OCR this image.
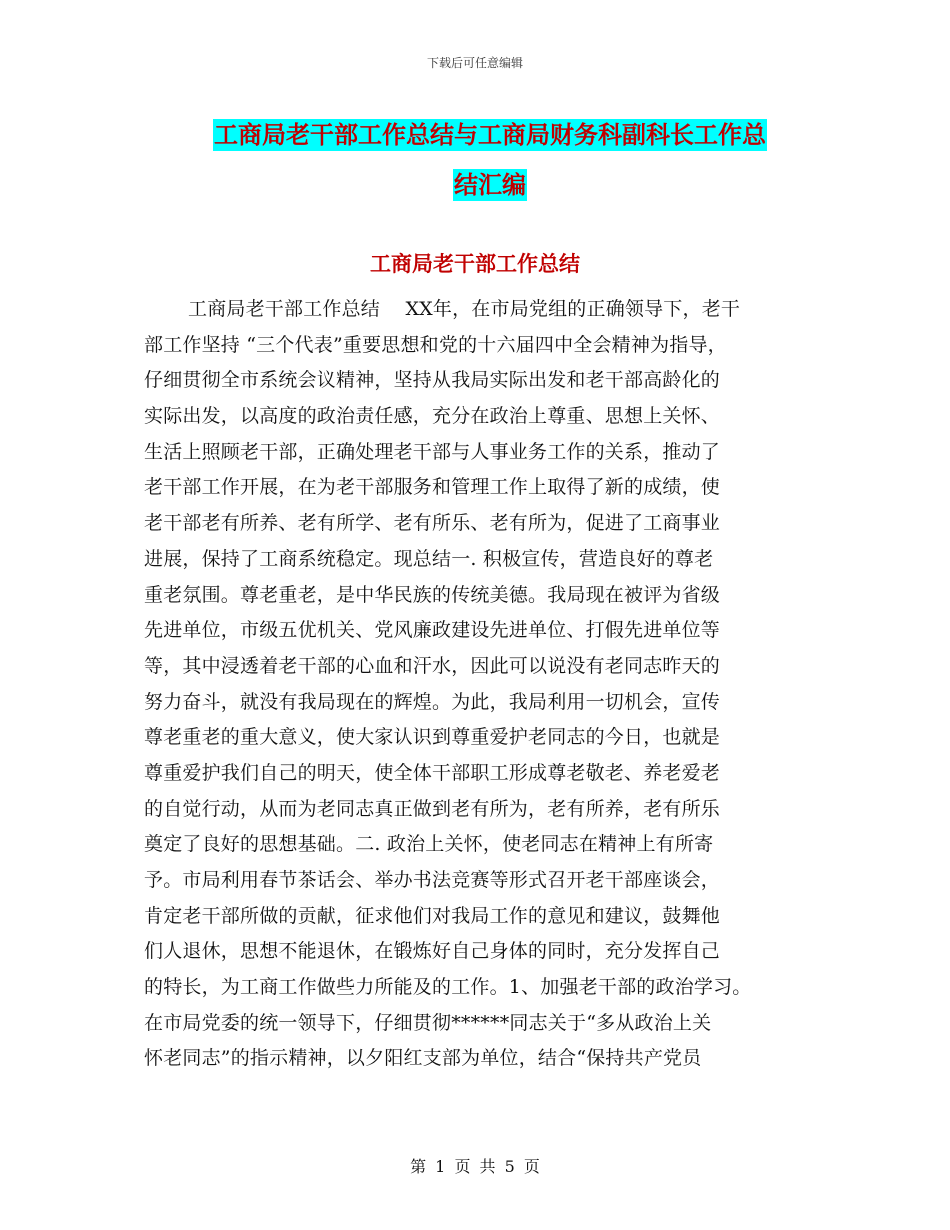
下载后可任意编辑
工商局老干部工作总结与工商局财务科副科长工作总
结汇编
工商局老干部工作总结
工商局老干部工作总结　 XX年，在市局党组的正确领导下，老干
部工作坚持 “三个代表”重要思想和党的十六届四中全会精神为指导，
仔细贯彻全市系统会议精神，坚持从我局实际出发和老干部高龄化的
实际出发，以高度的政治责任感，充分在政治上尊重、思想上关怀、
生活上照顾老干部，正确处理老干部与人事业务工作的关系，推动了
老干部工作开展，在为老干部服务和管理工作上取得了新的成绩，使
老干部老有所养、老有所学、老有所乐、老有所为，促进了工商事业
进展，保持了工商系统稳定。现总结一. 积极宣传，营造良好的尊老
重老氛围。尊老重老，是中华民族的传统美德。我局现在被评为省级
先进单位，市级五优机关、党风廉政建设先进单位、打假先进单位等
等，其中浸透着老干部的心血和汗水，因此可以说没有老同志昨天的
努力奋斗，就没有我局现在的辉煌。为此，我局利用一切机会，宣传
尊老重老的重大意义，使大家认识到尊重爱护老同志的今日，也就是
尊重爱护我们自己的明天，使全体干部职工形成尊老敬老、养老爱老
的自觉行动，从而为老同志真正做到老有所为，老有所养，老有所乐
奠定了良好的思想基础。二. 政治上关怀，使老同志在精神上有所寄
予。市局利用春节茶话会、举办书法竞赛等形式召开老干部座谈会，
肯定老干部所做的贡献，征求他们对我局工作的意见和建议，鼓舞他
们人退休，思想不能退休，在锻炼好自己身体的同时，充分发挥自己
的特长，为工商工作做些力所能及的工作。1、加强老干部的政治学习。
在市局党委的统一领导下，仔细贯彻******同志关于“多从政治上关
怀老同志”的指示精神，以夕阳红支部为单位，结合“保持共产党员
第 1 页 共 5 页
